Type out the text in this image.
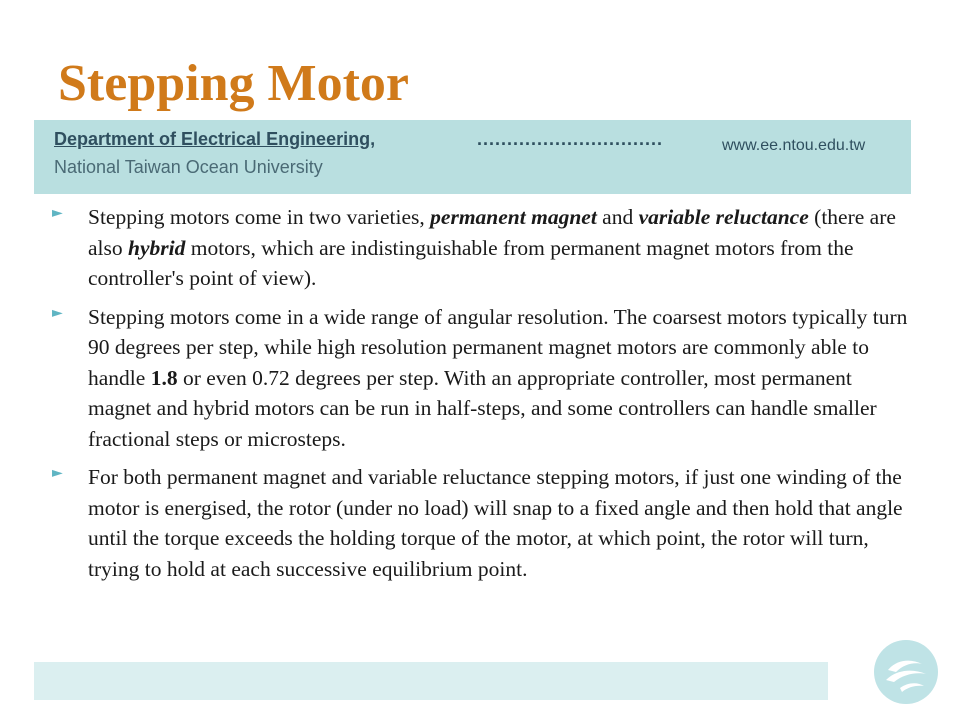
Stepping Motor
Department of Electrical Engineering,	...............................
National Taiwan Ocean University
www.ee.ntou.edu.tw
► Stepping motors come in two varieties, permanent magnet and variable reluctance (there are also hybrid motors, which are indistinguishable from permanent magnet motors from the controller's point of view).
► Stepping motors come in a wide range of angular resolution. The coarsest motors typically turn 90 degrees per step, while high resolution permanent magnet motors are commonly able to handle 1.8 or even 0.72 degrees per step. With an appropriate controller, most permanent magnet and hybrid motors can be run in half-steps, and some controllers can handle smaller fractional steps or microsteps.
► For both permanent magnet and variable reluctance stepping motors, if just one winding of the motor is energised, the rotor (under no load) will snap to a fixed angle and then hold that angle until the torque exceeds the holding torque of the motor, at which point, the rotor will turn, trying to hold at each successive equilibrium point.
